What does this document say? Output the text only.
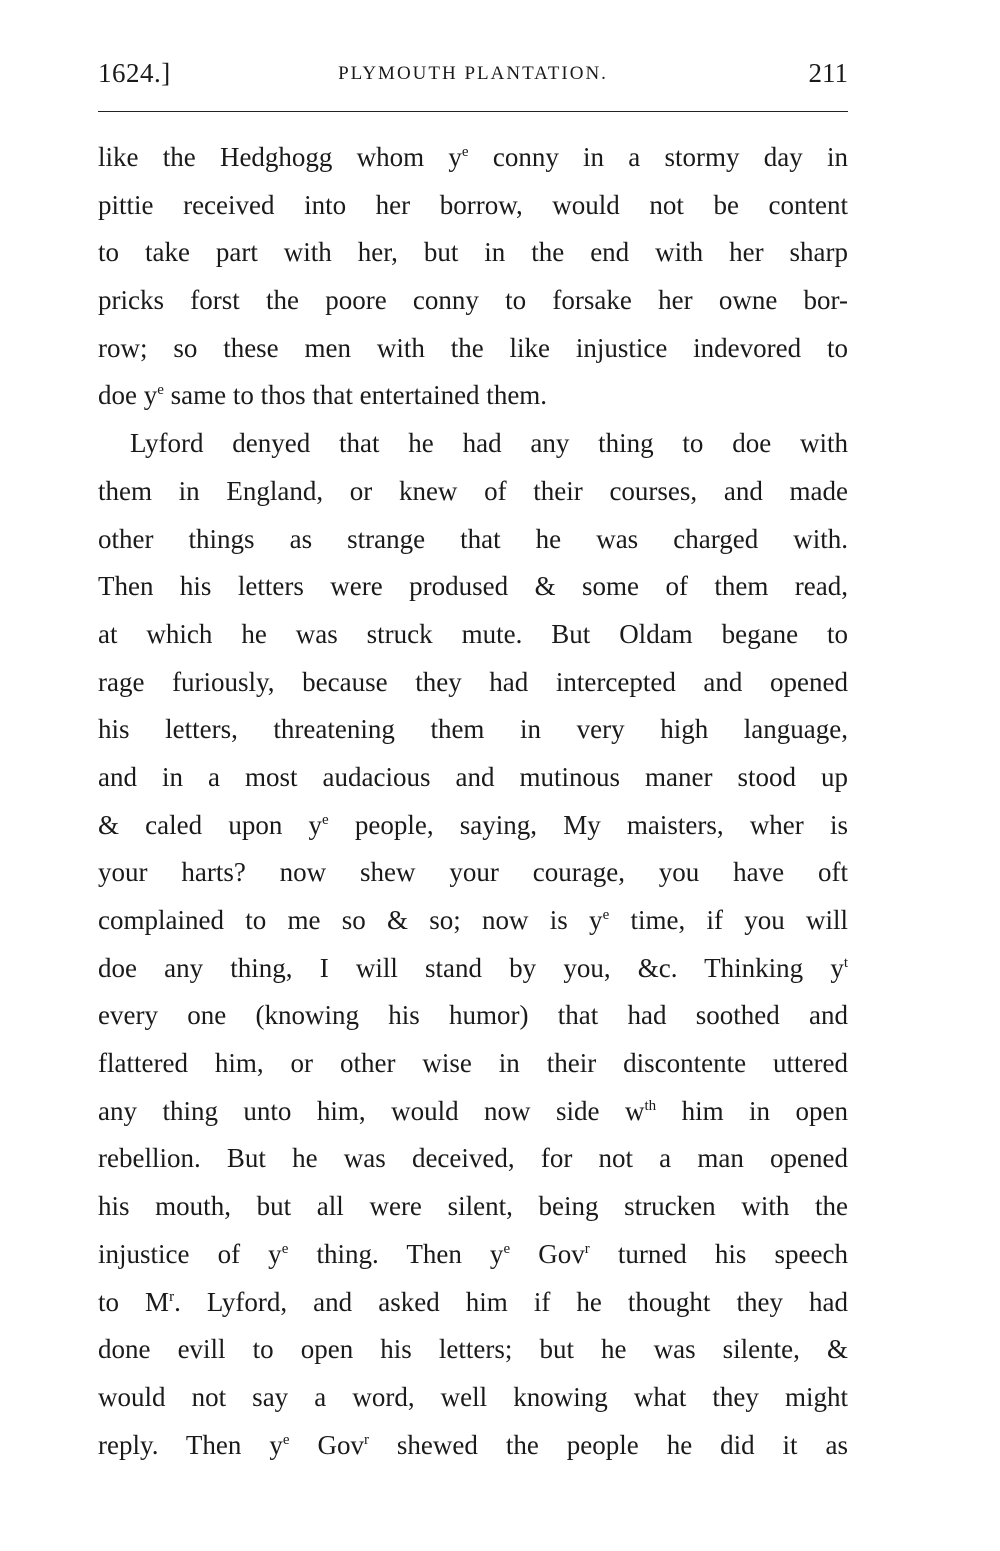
1624.]	PLYMOUTH PLANTATION.	211
like the Hedghogg whom $y^e$ conny in a stormy day in
pittie received into her borrow, would not be content
to take part with her, but in the end with her sharp
pricks forst the poore conny to forsake her owne bor-
row; so these men with the like injustice indevored to
doe $y^e$ same to thos that entertained them.
Lyford denyed that he had any thing to doe with
them in England, or knew of their courses, and made
other things as strange that he was charged with.
Then his letters were prodused & some of them read,
at which he was struck mute. But Oldam begane to
rage furiously, because they had intercepted and opened
his letters, threatening them in very high language,
and in a most audacious and mutinous maner stood up
& caled upon $y^e$ people, saying, My maisters, wher is
your harts? now shew your courage, you have oft
complained to me so & so; now is $y^e$ time, if you will
doe any thing, I will stand by you, &c. Thinking $y^t$
every one (knowing his humor) that had soothed and
flattered him, or other wise in their discontente uttered
any thing unto him, would now side $w^{th}$ him in open
rebellion. But he was deceived, for not a man opened
his mouth, but all were silent, being strucken with the
injustice of $y^e$ thing. Then $y^e$ Gov$^r$ turned his speech
to $M^r$. Lyford, and asked him if he thought they had
done evill to open his letters; but he was silente, &
would not say a word, well knowing what they might
reply. Then $y^e$ Gov$^r$ shewed the people he did it as
